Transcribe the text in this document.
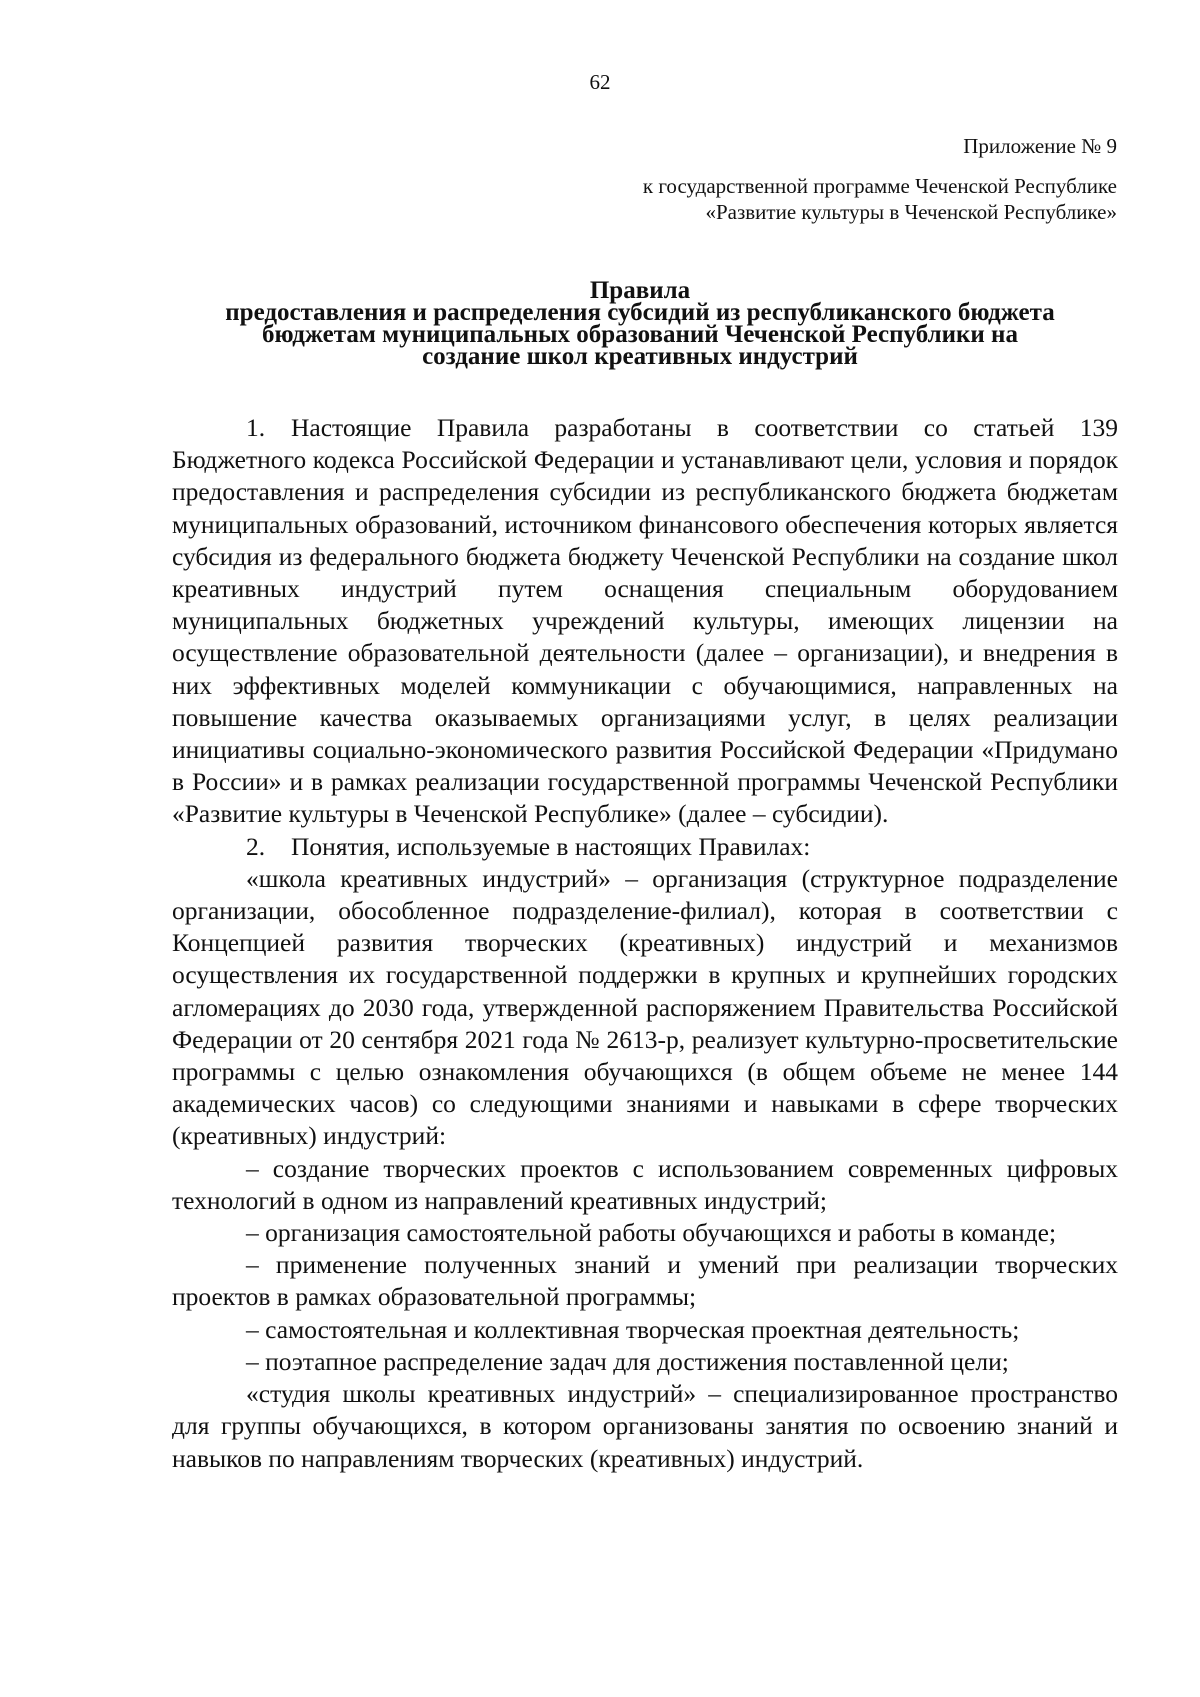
62
Приложение № 9
к государственной программе Чеченской Республике
«Развитие культуры в Чеченской Республике»
Правила
предоставления и распределения субсидий из республиканского бюджета
бюджетам муниципальных образований Чеченской Республики на
создание школ креативных индустрий

1. Настоящие Правила разработаны в соответствии со статьей 139 Бюджетного кодекса Российской Федерации и устанавливают цели, условия и порядок предоставления и распределения субсидии из республиканского бюджета бюджетам муниципальных образований, источником финансового обеспечения которых является субсидия из федерального бюджета бюджету Чеченской Республики на создание школ креативных индустрий путем оснащения специальным оборудованием муниципальных бюджетных учреждений культуры, имеющих лицензии на осуществление образовательной деятельности (далее – организации), и внедрения в них эффективных моделей коммуникации с обучающимися, направленных на повышение качества оказываемых организациями услуг, в целях реализации инициативы социально-экономического развития Российской Федерации «Придумано в России» и в рамках реализации государственной программы Чеченской Республики «Развитие культуры в Чеченской Республике» (далее – субсидии).

2. Понятия, используемые в настоящих Правилах:

«школа креативных индустрий» – организация (структурное подразделение организации, обособленное подразделение-филиал), которая в соответствии с Концепцией развития творческих (креативных) индустрий и механизмов осуществления их государственной поддержки в крупных и крупнейших городских агломерациях до 2030 года, утвержденной распоряжением Правительства Российской Федерации от 20 сентября 2021 года № 2613-р, реализует культурно-просветительские программы с целью ознакомления обучающихся (в общем объеме не менее 144 академических часов) со следующими знаниями и навыками в сфере творческих (креативных) индустрий:

– создание творческих проектов с использованием современных цифровых технологий в одном из направлений креативных индустрий;

– организация самостоятельной работы обучающихся и работы в команде;

– применение полученных знаний и умений при реализации творческих проектов в рамках образовательной программы;

– самостоятельная и коллективная творческая проектная деятельность;

– поэтапное распределение задач для достижения поставленной цели;

«студия школы креативных индустрий» – специализированное пространство для группы обучающихся, в котором организованы занятия по освоению знаний и навыков по направлениям творческих (креативных) индустрий.
